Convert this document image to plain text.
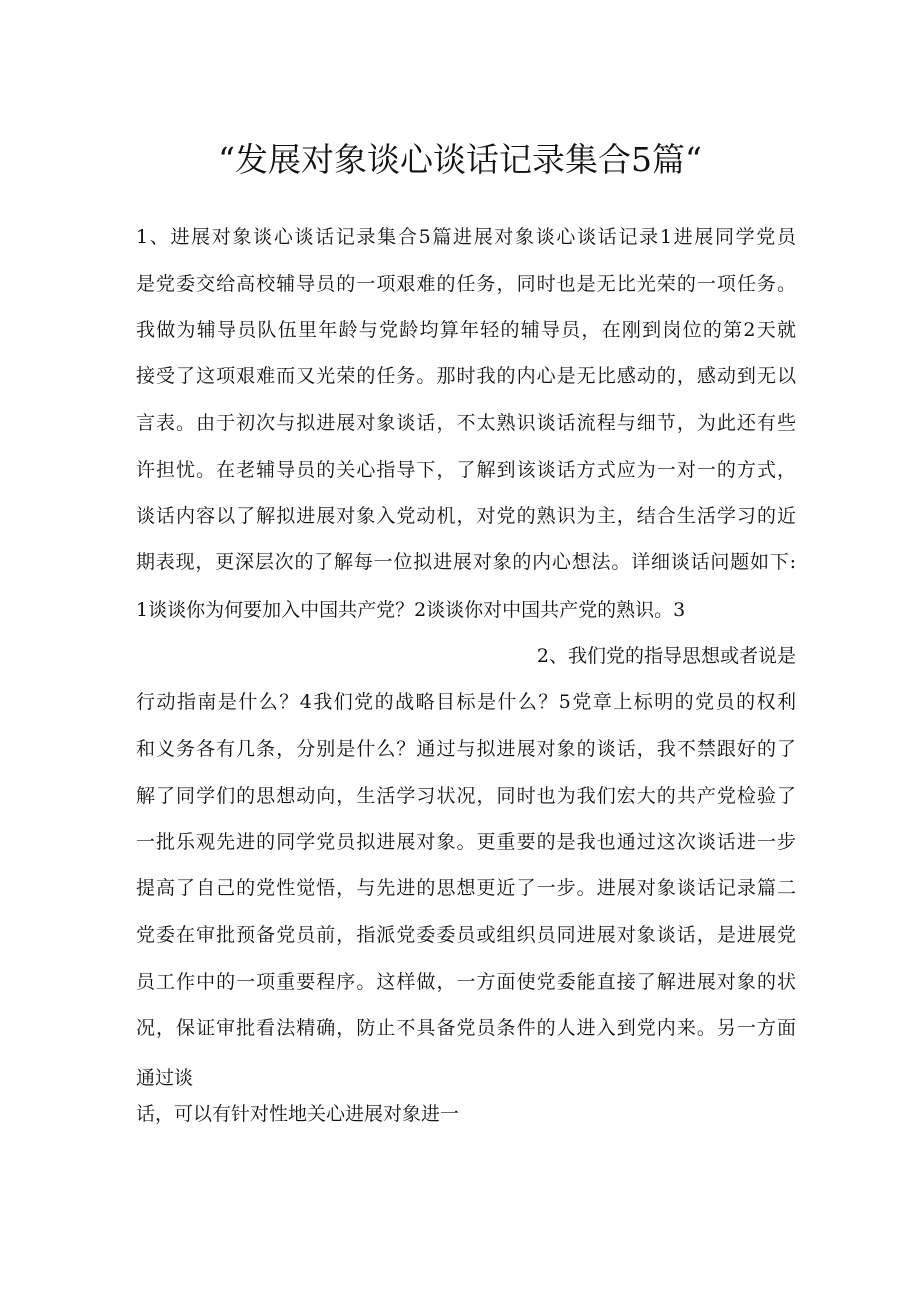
“发展对象谈心谈话记录集合5篇“
1、进展对象谈心谈话记录集合5篇进展对象谈心谈话记录1进展同学党员
是党委交给高校辅导员的一项艰难的任务，同时也是无比光荣的一项任务。
我做为辅导员队伍里年龄与党龄均算年轻的辅导员，在刚到岗位的第2天就
接受了这项艰难而又光荣的任务。那时我的内心是无比感动的，感动到无以
言表。由于初次与拟进展对象谈话，不太熟识谈话流程与细节，为此还有些
许担忧。在老辅导员的关心指导下，了解到该谈话方式应为一对一的方式，
谈话内容以了解拟进展对象入党动机，对党的熟识为主，结合生活学习的近
期表现，更深层次的了解每一位拟进展对象的内心想法。详细谈话问题如下:
1谈谈你为何要加入中国共产党？2谈谈你对中国共产党的熟识。3
2、我们党的指导思想或者说是
行动指南是什么？4我们党的战略目标是什么？5党章上标明的党员的权利
和义务各有几条，分别是什么？通过与拟进展对象的谈话，我不禁跟好的了
解了同学们的思想动向，生活学习状况，同时也为我们宏大的共产党检验了
一批乐观先进的同学党员拟进展对象。更重要的是我也通过这次谈话进一步
提高了自己的党性觉悟，与先进的思想更近了一步。进展对象谈话记录篇二
党委在审批预备党员前，指派党委委员或组织员同进展对象谈话，是进展党
员工作中的一项重要程序。这样做，一方面使党委能直接了解进展对象的状
况，保证审批看法精确，防止不具备党员条件的人进入到党内来。另一方面
通过谈
话，可以有针对性地关心进展对象进一
